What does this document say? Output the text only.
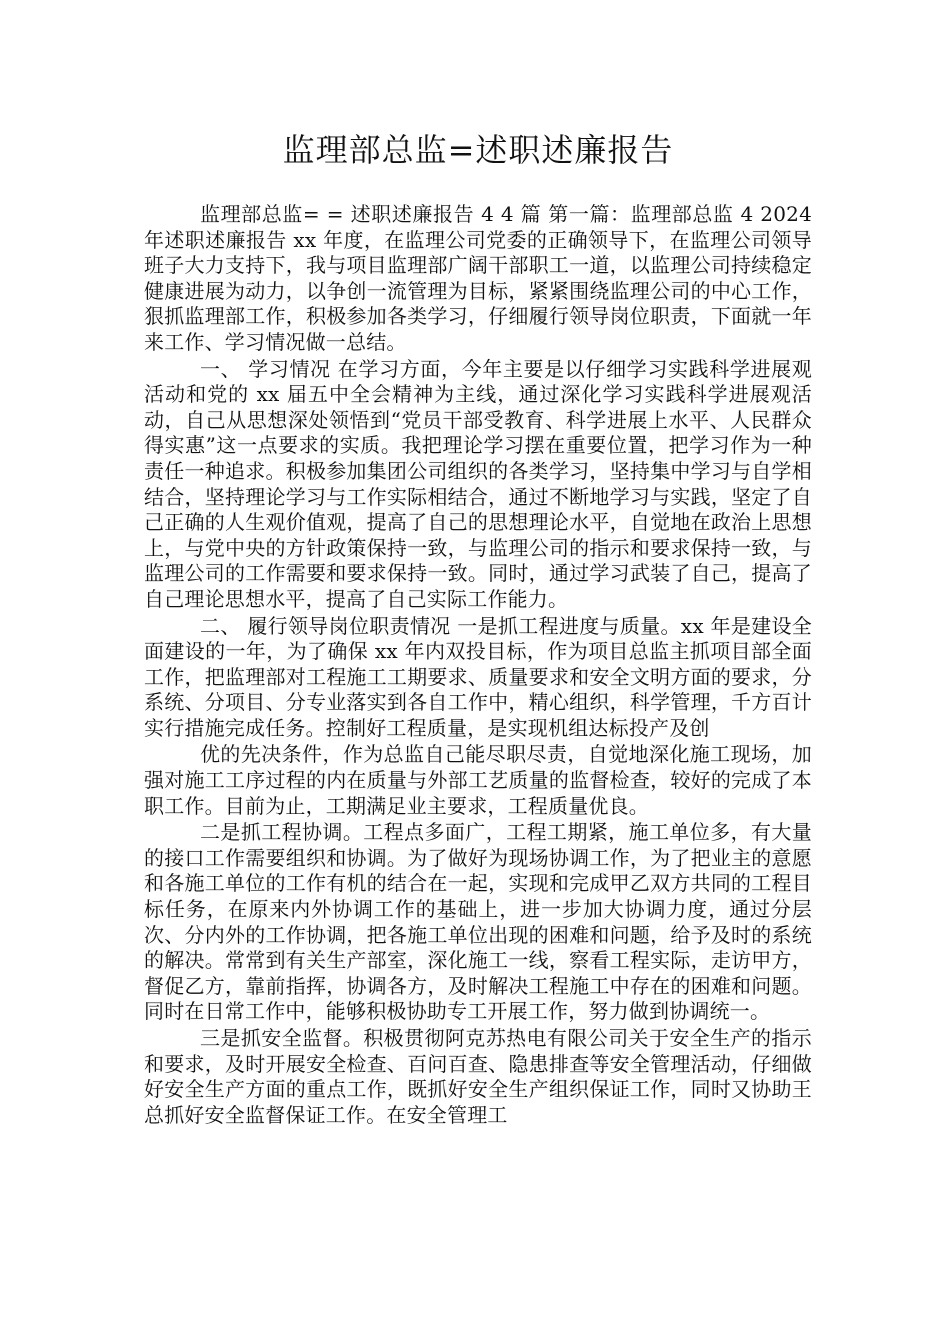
监理部总监=述职述廉报告

监理部总监= = 述职述廉报告 4 4 篇 第一篇：监理部总监 4 2024 年述职述廉报告 xx 年度，在监理公司党委的正确领导下，在监理公司领导班子大力支持下，我与项目监理部广阔干部职工一道，以监理公司持续稳定健康进展为动力，以争创一流管理为目标，紧紧围绕监理公司的中心工作，狠抓监理部工作，积极参加各类学习，仔细履行领导岗位职责，下面就一年来工作、学习情况做一总结。

一、 学习情况 在学习方面，今年主要是以仔细学习实践科学进展观活动和党的 xx 届五中全会精神为主线，通过深化学习实践科学进展观活动，自己从思想深处领悟到“党员干部受教育、科学进展上水平、人民群众得实惠”这一点要求的实质。我把理论学习摆在重要位置，把学习作为一种责任一种追求。积极参加集团公司组织的各类学习，坚持集中学习与自学相结合，坚持理论学习与工作实际相结合，通过不断地学习与实践，坚定了自己正确的人生观价值观，提高了自己的思想理论水平，自觉地在政治上思想上，与党中央的方针政策保持一致，与监理公司的指示和要求保持一致，与监理公司的工作需要和要求保持一致。同时，通过学习武装了自己，提高了自己理论思想水平，提高了自己实际工作能力。

二、 履行领导岗位职责情况 一是抓工程进度与质量。xx 年是建设全面建设的一年，为了确保 xx 年内双投目标，作为项目总监主抓项目部全面工作，把监理部对工程施工工期要求、质量要求和安全文明方面的要求，分系统、分项目、分专业落实到各自工作中，精心组织，科学管理，千方百计实行措施完成任务。控制好工程质量，是实现机组达标投产及创

优的先决条件，作为总监自己能尽职尽责，自觉地深化施工现场，加强对施工工序过程的内在质量与外部工艺质量的监督检查，较好的完成了本职工作。目前为止，工期满足业主要求，工程质量优良。

二是抓工程协调。工程点多面广，工程工期紧，施工单位多，有大量的接口工作需要组织和协调。为了做好为现场协调工作，为了把业主的意愿和各施工单位的工作有机的结合在一起，实现和完成甲乙双方共同的工程目标任务，在原来内外协调工作的基础上，进一步加大协调力度，通过分层次、分内外的工作协调，把各施工单位出现的困难和问题，给予及时的系统的解决。常常到有关生产部室，深化施工一线，察看工程实际，走访甲方，督促乙方，靠前指挥，协调各方，及时解决工程施工中存在的困难和问题。同时在日常工作中，能够积极协助专工开展工作，努力做到协调统一。

三是抓安全监督。积极贯彻阿克苏热电有限公司关于安全生产的指示和要求，及时开展安全检查、百问百查、隐患排查等安全管理活动，仔细做好安全生产方面的重点工作，既抓好安全生产组织保证工作，同时又协助王总抓好安全监督保证工作。在安全管理工
